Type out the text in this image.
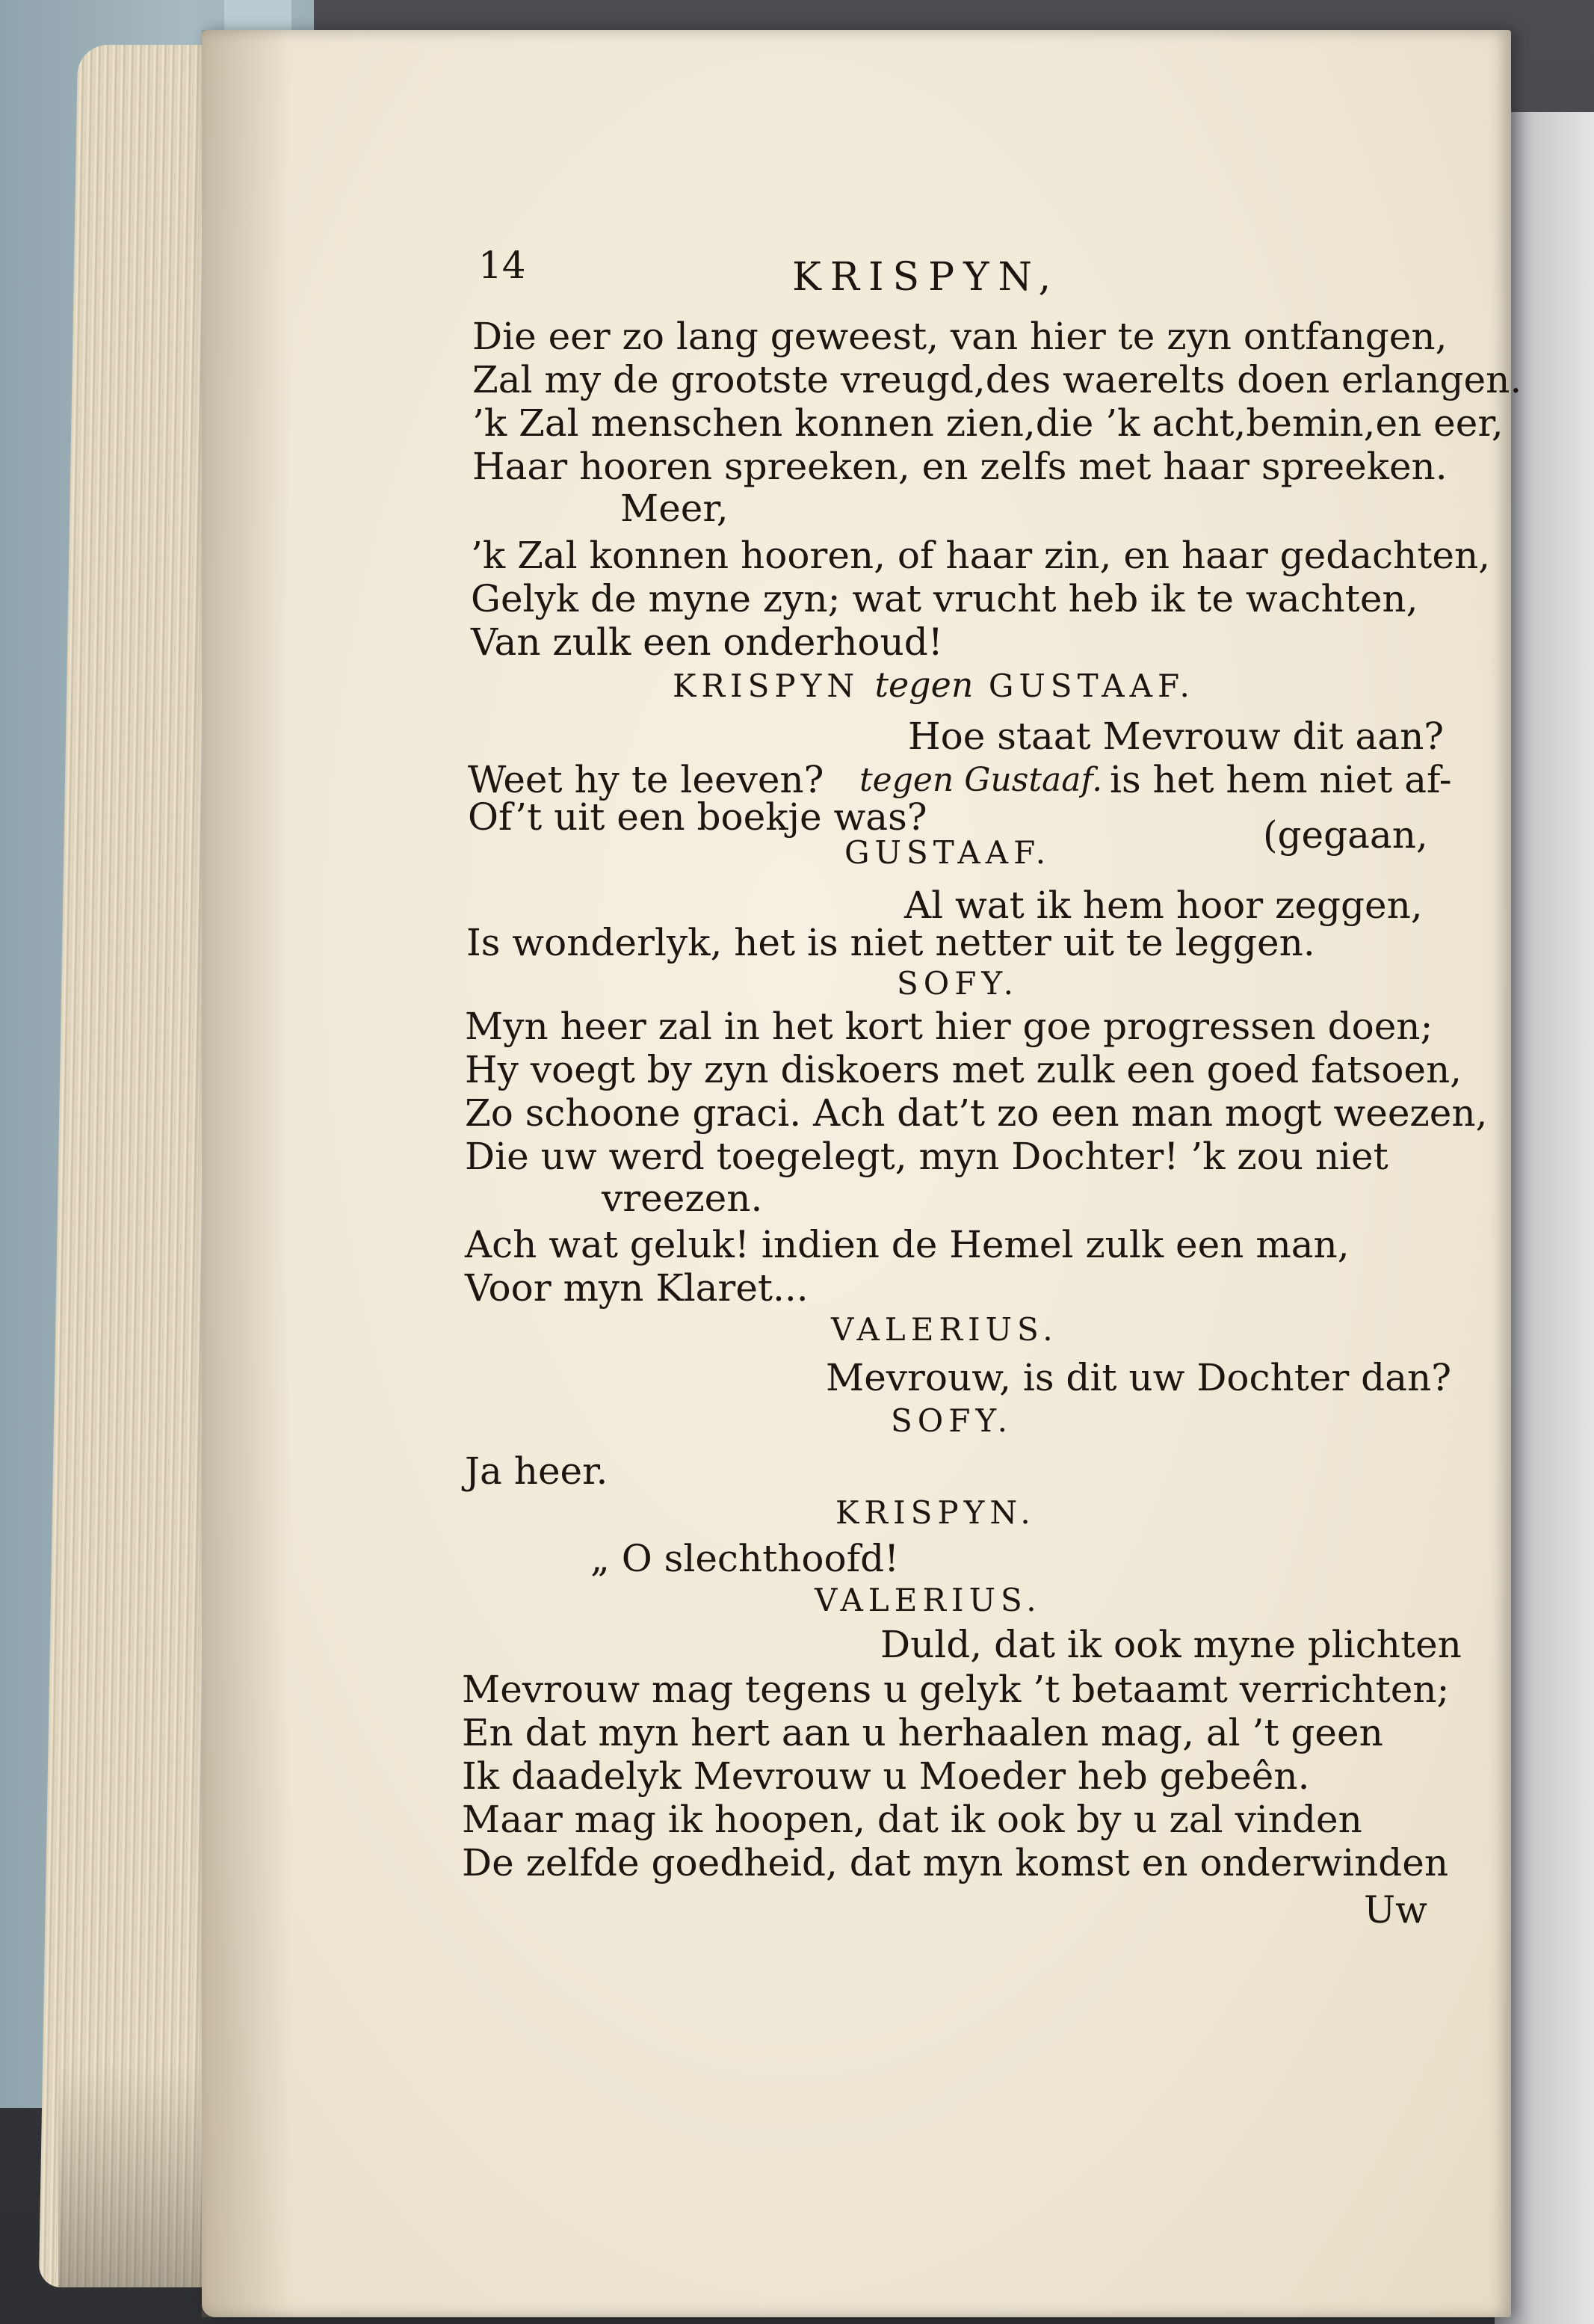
14	KRISPYN,
Die eer zo lang geweest, van hier te zyn ontfangen,
Zal my de grootste vreugd,des waerelts doen erlangen.
’k Zal menschen konnen zien,die ’k acht,bemin,en eer,
Haar hooren spreeken, en zelfs met haar spreeken.
Meer,
’k Zal konnen hooren, of haar zin, en haar gedachten,
Gelyk de myne zyn; wat vrucht heb ik te wachten,
Van zulk een onderhoud!
KRISPYN tegen GUSTAAF.
Hoe staat Mevrouw dit aan?
Weet hy te leeven? tegen Gustaaf. is het hem niet af-
Of’t uit een boekje was?	(gegaan,
GUSTAAF.
Al wat ik hem hoor zeggen,
Is wonderlyk, het is niet netter uit te leggen.
SOFY.
Myn heer zal in het kort hier goe progressen doen;
Hy voegt by zyn diskoers met zulk een goed fatsoen,
Zo schoone graci. Ach dat’t zo een man mogt weezen,
Die uw werd toegelegt, myn Dochter! ’k zou niet
vreezen.
Ach wat geluk! indien de Hemel zulk een man,
Voor myn Klaret...
VALERIUS.
Mevrouw, is dit uw Dochter dan?
SOFY.
Ja heer.
KRISPYN.
„ O slechthoofd!
VALERIUS.
Duld, dat ik ook myne plichten
Mevrouw mag tegens u gelyk ’t betaamt verrichten;
En dat myn hert aan u herhaalen mag, al ’t geen
Ik daadelyk Mevrouw u Moeder heb gebeên.
Maar mag ik hoopen, dat ik ook by u zal vinden
De zelfde goedheid, dat myn komst en onderwinden
Uw
